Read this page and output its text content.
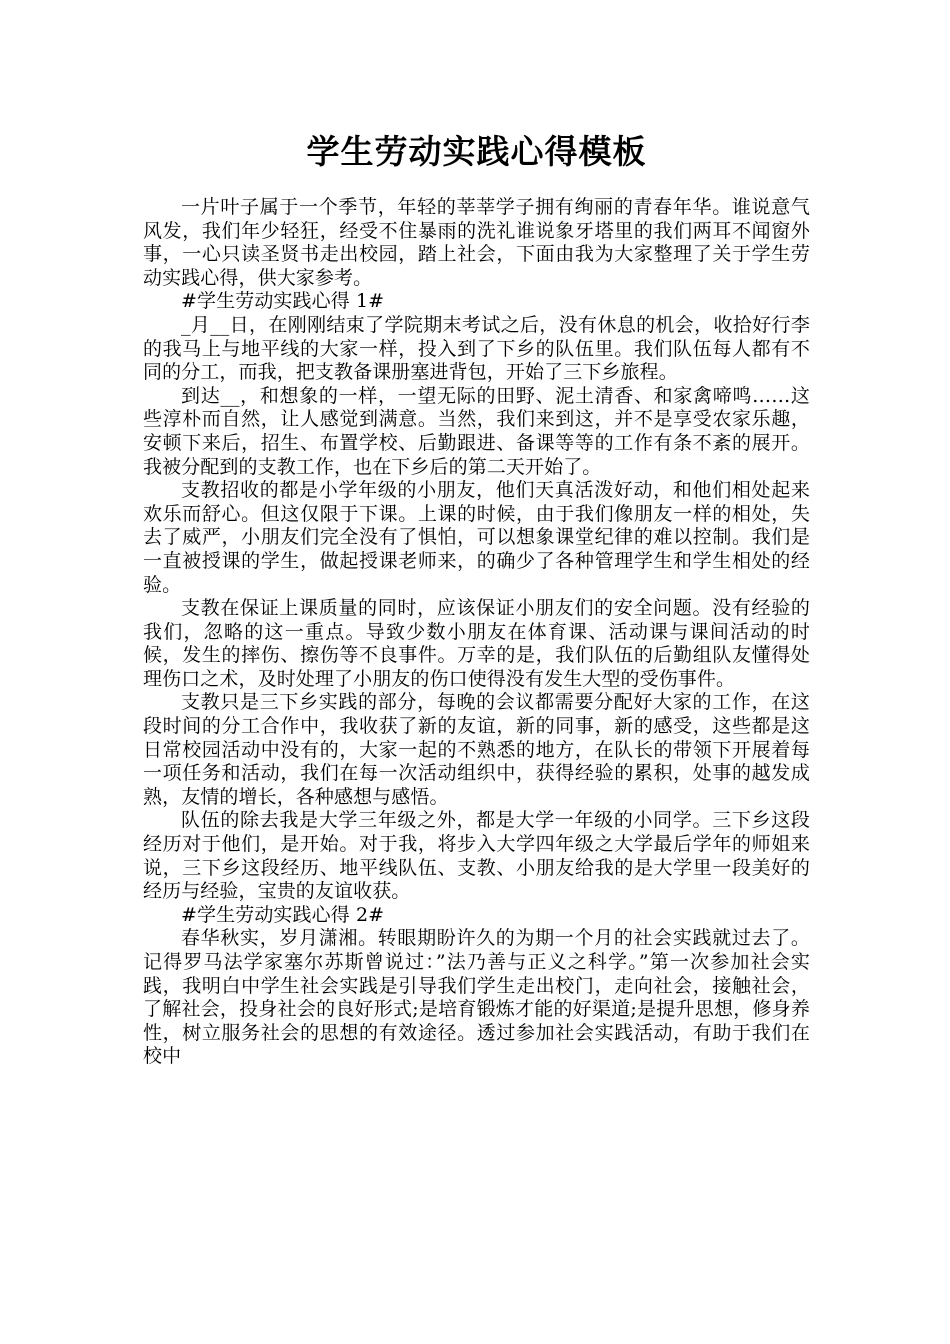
学生劳动实践心得模板

一片叶子属于一个季节，年轻的莘莘学子拥有绚丽的青春年华。谁说意气风发，我们年少轻狂，经受不住暴雨的洗礼谁说象牙塔里的我们两耳不闻窗外事，一心只读圣贤书走出校园，踏上社会，下面由我为大家整理了关于学生劳动实践心得，供大家参考。

#学生劳动实践心得 1#

_月__日，在刚刚结束了学院期末考试之后，没有休息的机会，收拾好行李的我马上与地平线的大家一样，投入到了下乡的队伍里。我们队伍每人都有不同的分工，而我，把支教备课册塞进背包，开始了三下乡旅程。

到达__，和想象的一样，一望无际的田野、泥土清香、和家禽啼鸣……这些淳朴而自然，让人感觉到满意。当然，我们来到这，并不是享受农家乐趣，安顿下来后，招生、布置学校、后勤跟进、备课等等的工作有条不紊的展开。我被分配到的支教工作，也在下乡后的第二天开始了。

支教招收的都是小学年级的小朋友，他们天真活泼好动，和他们相处起来欢乐而舒心。但这仅限于下课。上课的时候，由于我们像朋友一样的相处，失去了威严，小朋友们完全没有了惧怕，可以想象课堂纪律的难以控制。我们是一直被授课的学生，做起授课老师来，的确少了各种管理学生和学生相处的经验。

支教在保证上课质量的同时，应该保证小朋友们的安全问题。没有经验的我们，忽略的这一重点。导致少数小朋友在体育课、活动课与课间活动的时候，发生的摔伤、擦伤等不良事件。万幸的是，我们队伍的后勤组队友懂得处理伤口之术，及时处理了小朋友的伤口使得没有发生大型的受伤事件。

支教只是三下乡实践的部分，每晚的会议都需要分配好大家的工作，在这段时间的分工合作中，我收获了新的友谊，新的同事，新的感受，这些都是这日常校园活动中没有的，大家一起的不熟悉的地方，在队长的带领下开展着每一项任务和活动，我们在每一次活动组织中，获得经验的累积，处事的越发成熟，友情的增长，各种感想与感悟。

队伍的除去我是大学三年级之外，都是大学一年级的小同学。三下乡这段经历对于他们，是开始。对于我，将步入大学四年级之大学最后学年的师姐来说，三下乡这段经历、地平线队伍、支教、小朋友给我的是大学里一段美好的经历与经验，宝贵的友谊收获。

#学生劳动实践心得 2#

春华秋实，岁月潇湘。转眼期盼许久的为期一个月的社会实践就过去了。记得罗马法学家塞尔苏斯曾说过：”法乃善与正义之科学。”第一次参加社会实践，我明白中学生社会实践是引导我们学生走出校门，走向社会，接触社会，了解社会，投身社会的良好形式;是培育锻炼才能的好渠道;是提升思想，修身养性，树立服务社会的思想的有效途径。透过参加社会实践活动，有助于我们在校中
